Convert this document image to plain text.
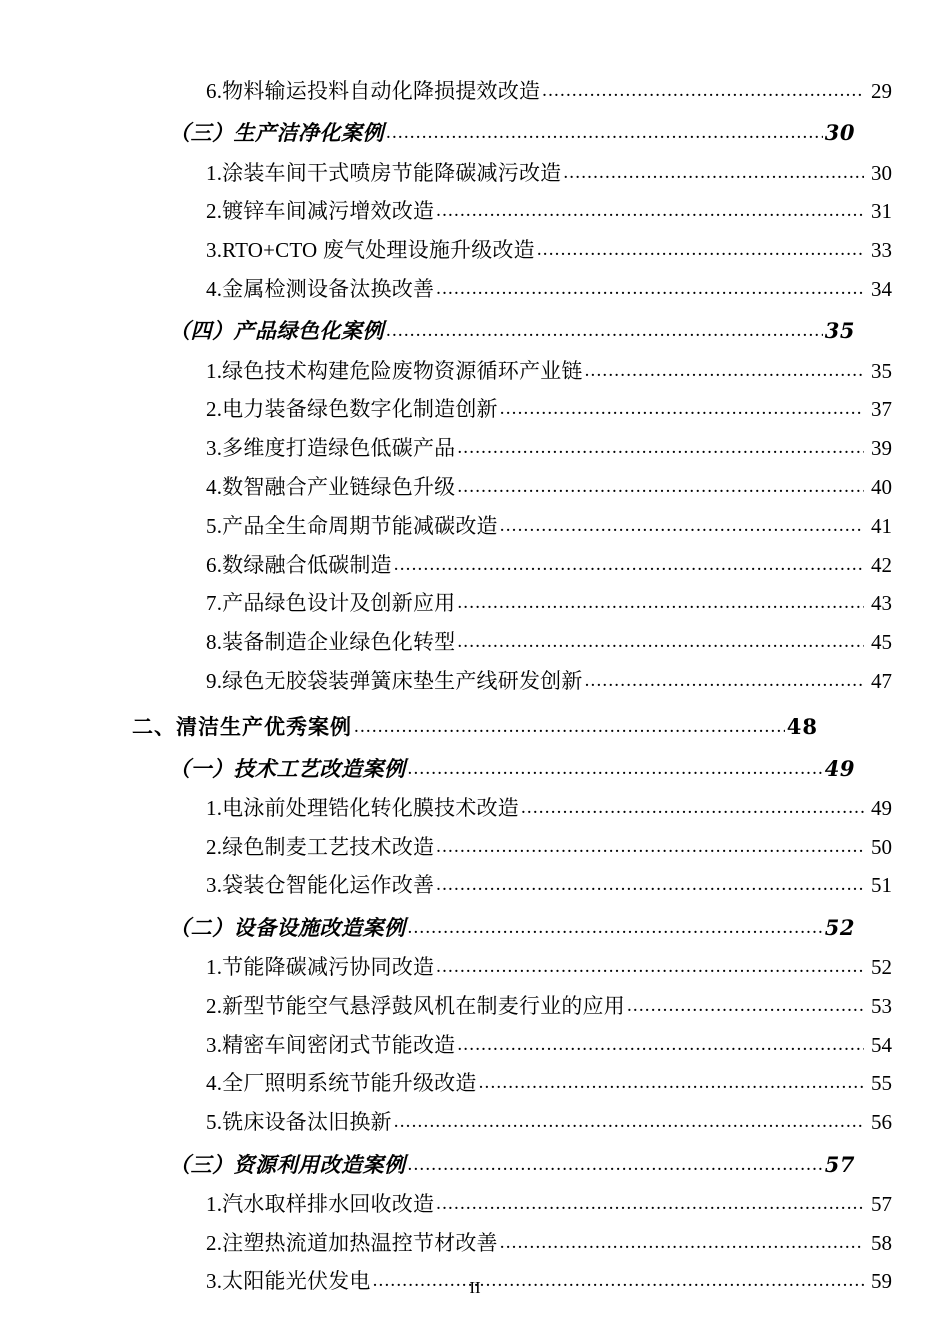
6.物料输运投料自动化降损提效改造 .....	29
（三）生产洁净化案例 .....	30
1.涂装车间干式喷房节能降碳减污改造 .....	30
2.镀锌车间减污增效改造 .....	31
3.RTO+CTO 废气处理设施升级改造 .....	33
4.金属检测设备汰换改善 .....	34
（四）产品绿色化案例 .....	35
1.绿色技术构建危险废物资源循环产业链 .....	35
2.电力装备绿色数字化制造创新 .....	37
3.多维度打造绿色低碳产品 .....	39
4.数智融合产业链绿色升级 .....	40
5.产品全生命周期节能减碳改造 .....	41
6.数绿融合低碳制造 .....	42
7.产品绿色设计及创新应用 .....	43
8.装备制造企业绿色化转型 .....	45
9.绿色无胶袋装弹簧床垫生产线研发创新 .....	47
二、清洁生产优秀案例 .....	48
（一）技术工艺改造案例 .....	49
1.电泳前处理锆化转化膜技术改造 .....	49
2.绿色制麦工艺技术改造 .....	50
3.袋装仓智能化运作改善 .....	51
（二）设备设施改造案例 .....	52
1.节能降碳减污协同改造 .....	52
2.新型节能空气悬浮鼓风机在制麦行业的应用 .....	53
3.精密车间密闭式节能改造 .....	54
4.全厂照明系统节能升级改造 .....	55
5.铣床设备汰旧换新 .....	56
（三）资源利用改造案例 .....	57
1.汽水取样排水回收改造 .....	57
2.注塑热流道加热温控节材改善 .....	58
3.太阳能光伏发电 .....	59
II
